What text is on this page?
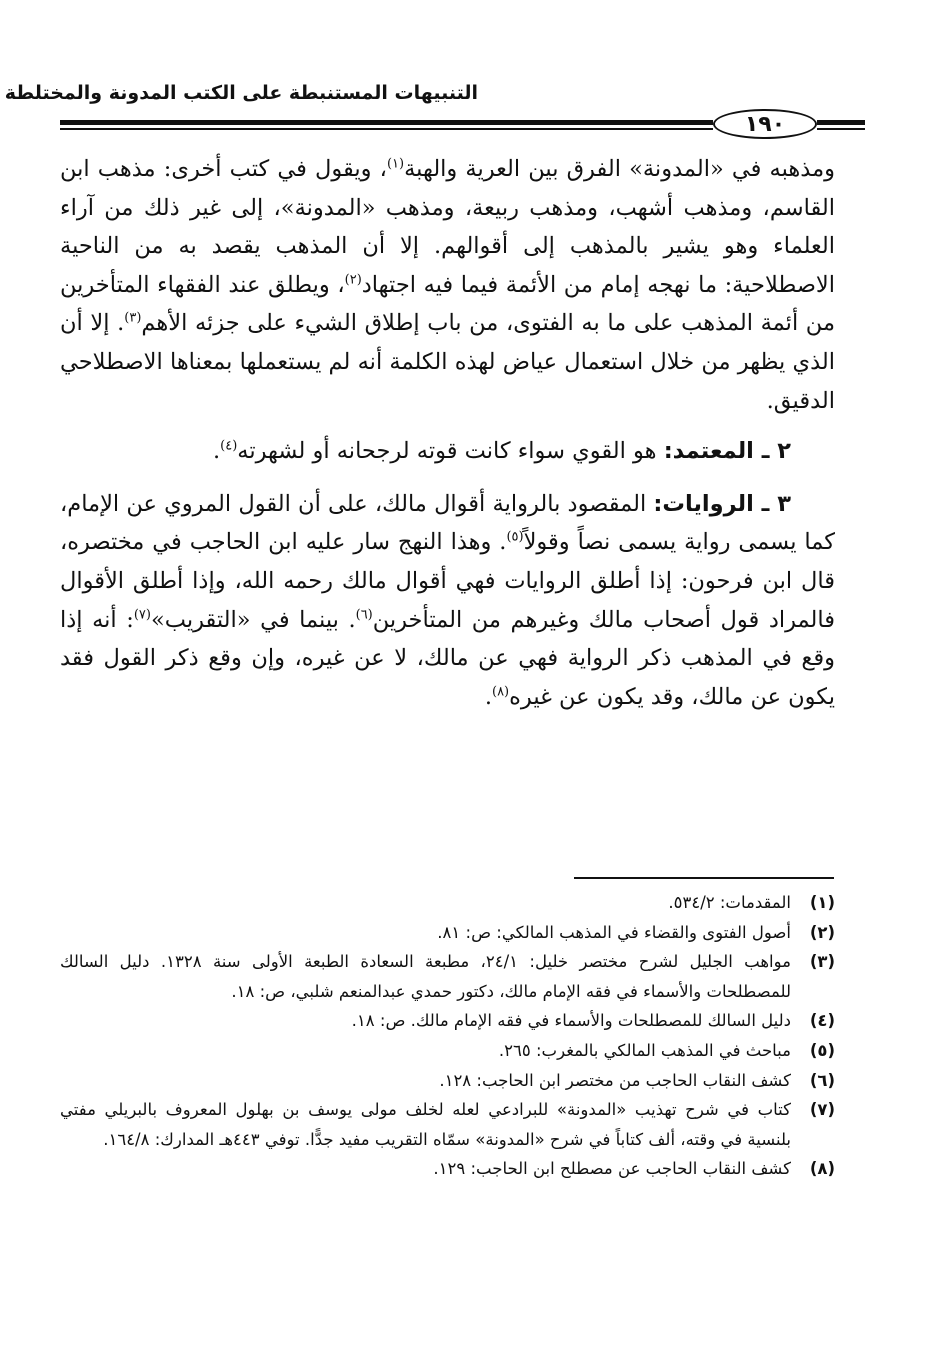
التنبيهات المستنبطة على الكتب المدونة والمختلطة
١٩٠

ومذهبه في «المدونة» الفرق بين العرية والهبة$^{(١)}$، ويقول في كتب أخرى: مذهب ابن القاسم، ومذهب أشهب، ومذهب ربيعة، ومذهب «المدونة»، إلى غير ذلك من آراء العلماء وهو يشير بالمذهب إلى أقوالهم. إلا أن المذهب يقصد به من الناحية الاصطلاحية: ما نهجه إمام من الأئمة فيما فيه اجتهاد$^{(٢)}$، ويطلق عند الفقهاء المتأخرين من أئمة المذهب على ما به الفتوى، من باب إطلاق الشيء على جزئه الأهم$^{(٣)}$. إلا أن الذي يظهر من خلال استعمال عياض لهذه الكلمة أنه لم يستعملها بمعناها الاصطلاحي الدقيق.

٢ ـ المعتمد: هو القوي سواء كانت قوته لرجحانه أو لشهرته$^{(٤)}$.

٣ ـ الروايات: المقصود بالرواية أقوال مالك، على أن القول المروي عن الإمام، كما يسمى رواية يسمى نصاً وقولاً$^{(٥)}$. وهذا النهج سار عليه ابن الحاجب في مختصره، قال ابن فرحون: إذا أطلق الروايات فهي أقوال مالك رحمه الله، وإذا أطلق الأقوال فالمراد قول أصحاب مالك وغيرهم من المتأخرين$^{(٦)}$. بينما في «التقريب»$^{(٧)}$: أنه إذا وقع في المذهب ذكر الرواية فهي عن مالك، لا عن غيره، وإن وقع ذكر القول فقد يكون عن مالك، وقد يكون عن غيره$^{(٨)}$.

(١)
المقدمات: ٥٣٤/٢.
(٢)
أصول الفتوى والقضاء في المذهب المالكي: ص: ٨١.
(٣)
مواهب الجليل لشرح مختصر خليل: ٢٤/١، مطبعة السعادة الطبعة الأولى سنة ١٣٢٨. دليل السالك للمصطلحات والأسماء في فقه الإمام مالك، دكتور حمدي عبدالمنعم شلبي، ص: ١٨.
(٤)
دليل السالك للمصطلحات والأسماء في فقه الإمام مالك. ص: ١٨.
(٥)
مباحث في المذهب المالكي بالمغرب: ٢٦٥.
(٦)
كشف النقاب الحاجب من مختصر ابن الحاجب: ١٢٨.
(٧)
كتاب في شرح تهذيب «المدونة» للبرادعي لعله لخلف مولى يوسف بن بهلول المعروف بالبريلي مفتي بلنسية في وقته، ألف كتاباً في شرح «المدونة» سمّاه التقريب مفيد جدًّا. توفي ٤٤٣هـ المدارك: ١٦٤/٨.
(٨)
كشف النقاب الحاجب عن مصطلح ابن الحاجب: ١٢٩.
